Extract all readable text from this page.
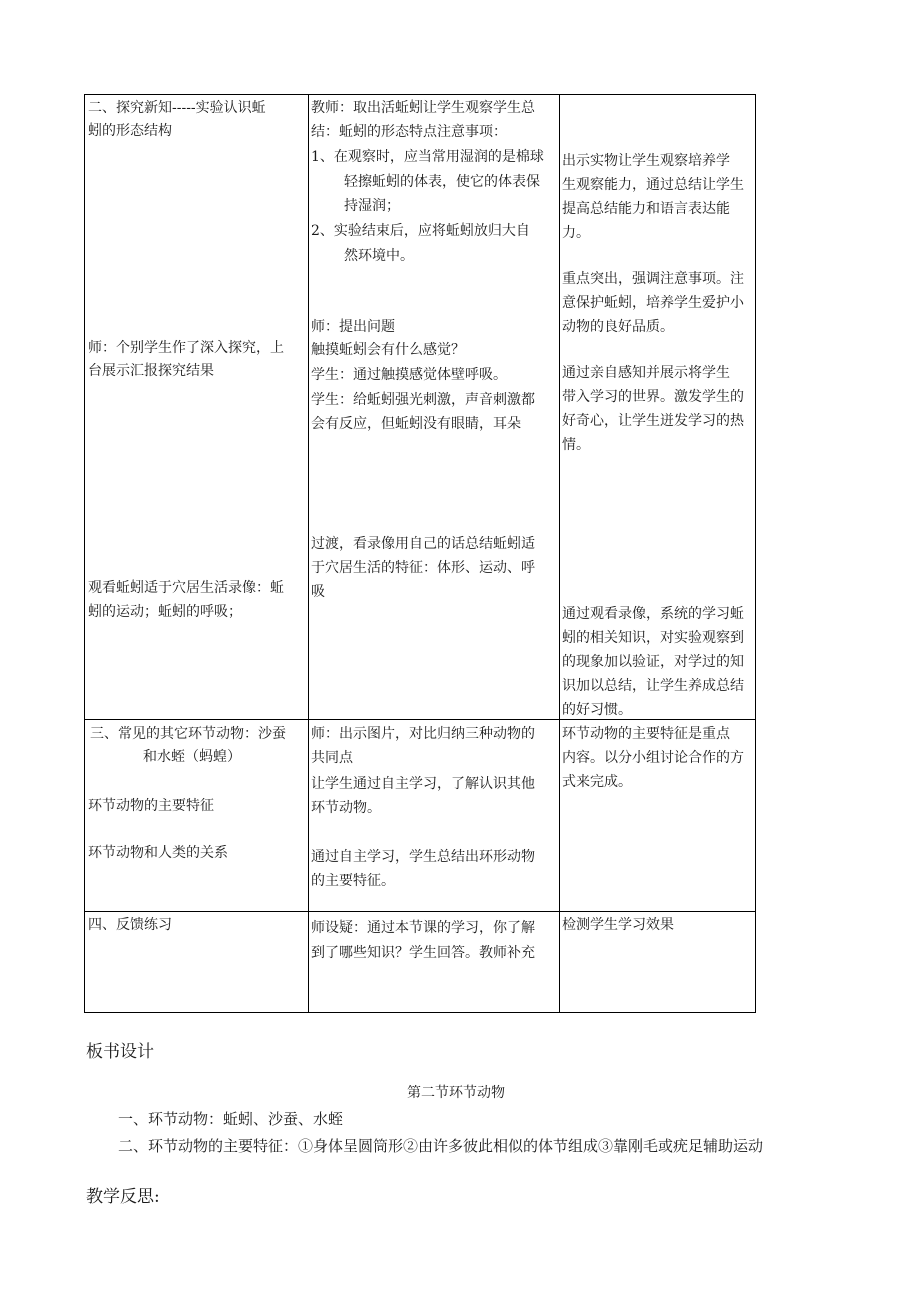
二、探究新知-----实验认识蚯
蚓的形态结构
师：个别学生作了深入探究，上
台展示汇报探究结果
观看蚯蚓适于穴居生活录像：蚯
蚓的运动；蚯蚓的呼吸；
教师：取出活蚯蚓让学生观察学生总
结：蚯蚓的形态特点注意事项：
1、在观察时，应当常用湿润的是棉球
轻擦蚯蚓的体表，使它的体表保
持湿润；
2、实验结束后，应将蚯蚓放归大自
然环境中。
师：提出问题
触摸蚯蚓会有什么感觉？
学生：通过触摸感觉体壁呼吸。
学生：给蚯蚓强光刺激，声音刺激都
会有反应，但蚯蚓没有眼睛，耳朵
过渡，看录像用自己的话总结蚯蚓适
于穴居生活的特征：体形、运动、呼
吸
出示实物让学生观察培养学
生观察能力，通过总结让学生
提高总结能力和语言表达能
力。
重点突出，强调注意事项。注
意保护蚯蚓，培养学生爱护小
动物的良好品质。
通过亲自感知并展示将学生
带入学习的世界。激发学生的
好奇心，让学生迸发学习的热
情。
通过观看录像，系统的学习蚯
蚓的相关知识，对实验观察到
的现象加以验证，对学过的知
识加以总结，让学生养成总结
的好习惯。
三、常见的其它环节动物：沙蚕
和水蛭（蚂蝗）
环节动物的主要特征
环节动物和人类的关系
师：出示图片，对比归纳三种动物的
共同点
让学生通过自主学习，了解认识其他
环节动物。
通过自主学习，学生总结出环形动物
的主要特征。
环节动物的主要特征是重点
内容。以分小组讨论合作的方
式来完成。
四、反馈练习	师设疑：通过本节课的学习，你了解
到了哪些知识？学生回答。教师补充
检测学生学习效果
板书设计
第二节环节动物
一、环节动物：蚯蚓、沙蚕、水蛭
二、环节动物的主要特征：①身体呈圆筒形②由许多彼此相似的体节组成③靠刚毛或疣足辅助运动
教学反思:
